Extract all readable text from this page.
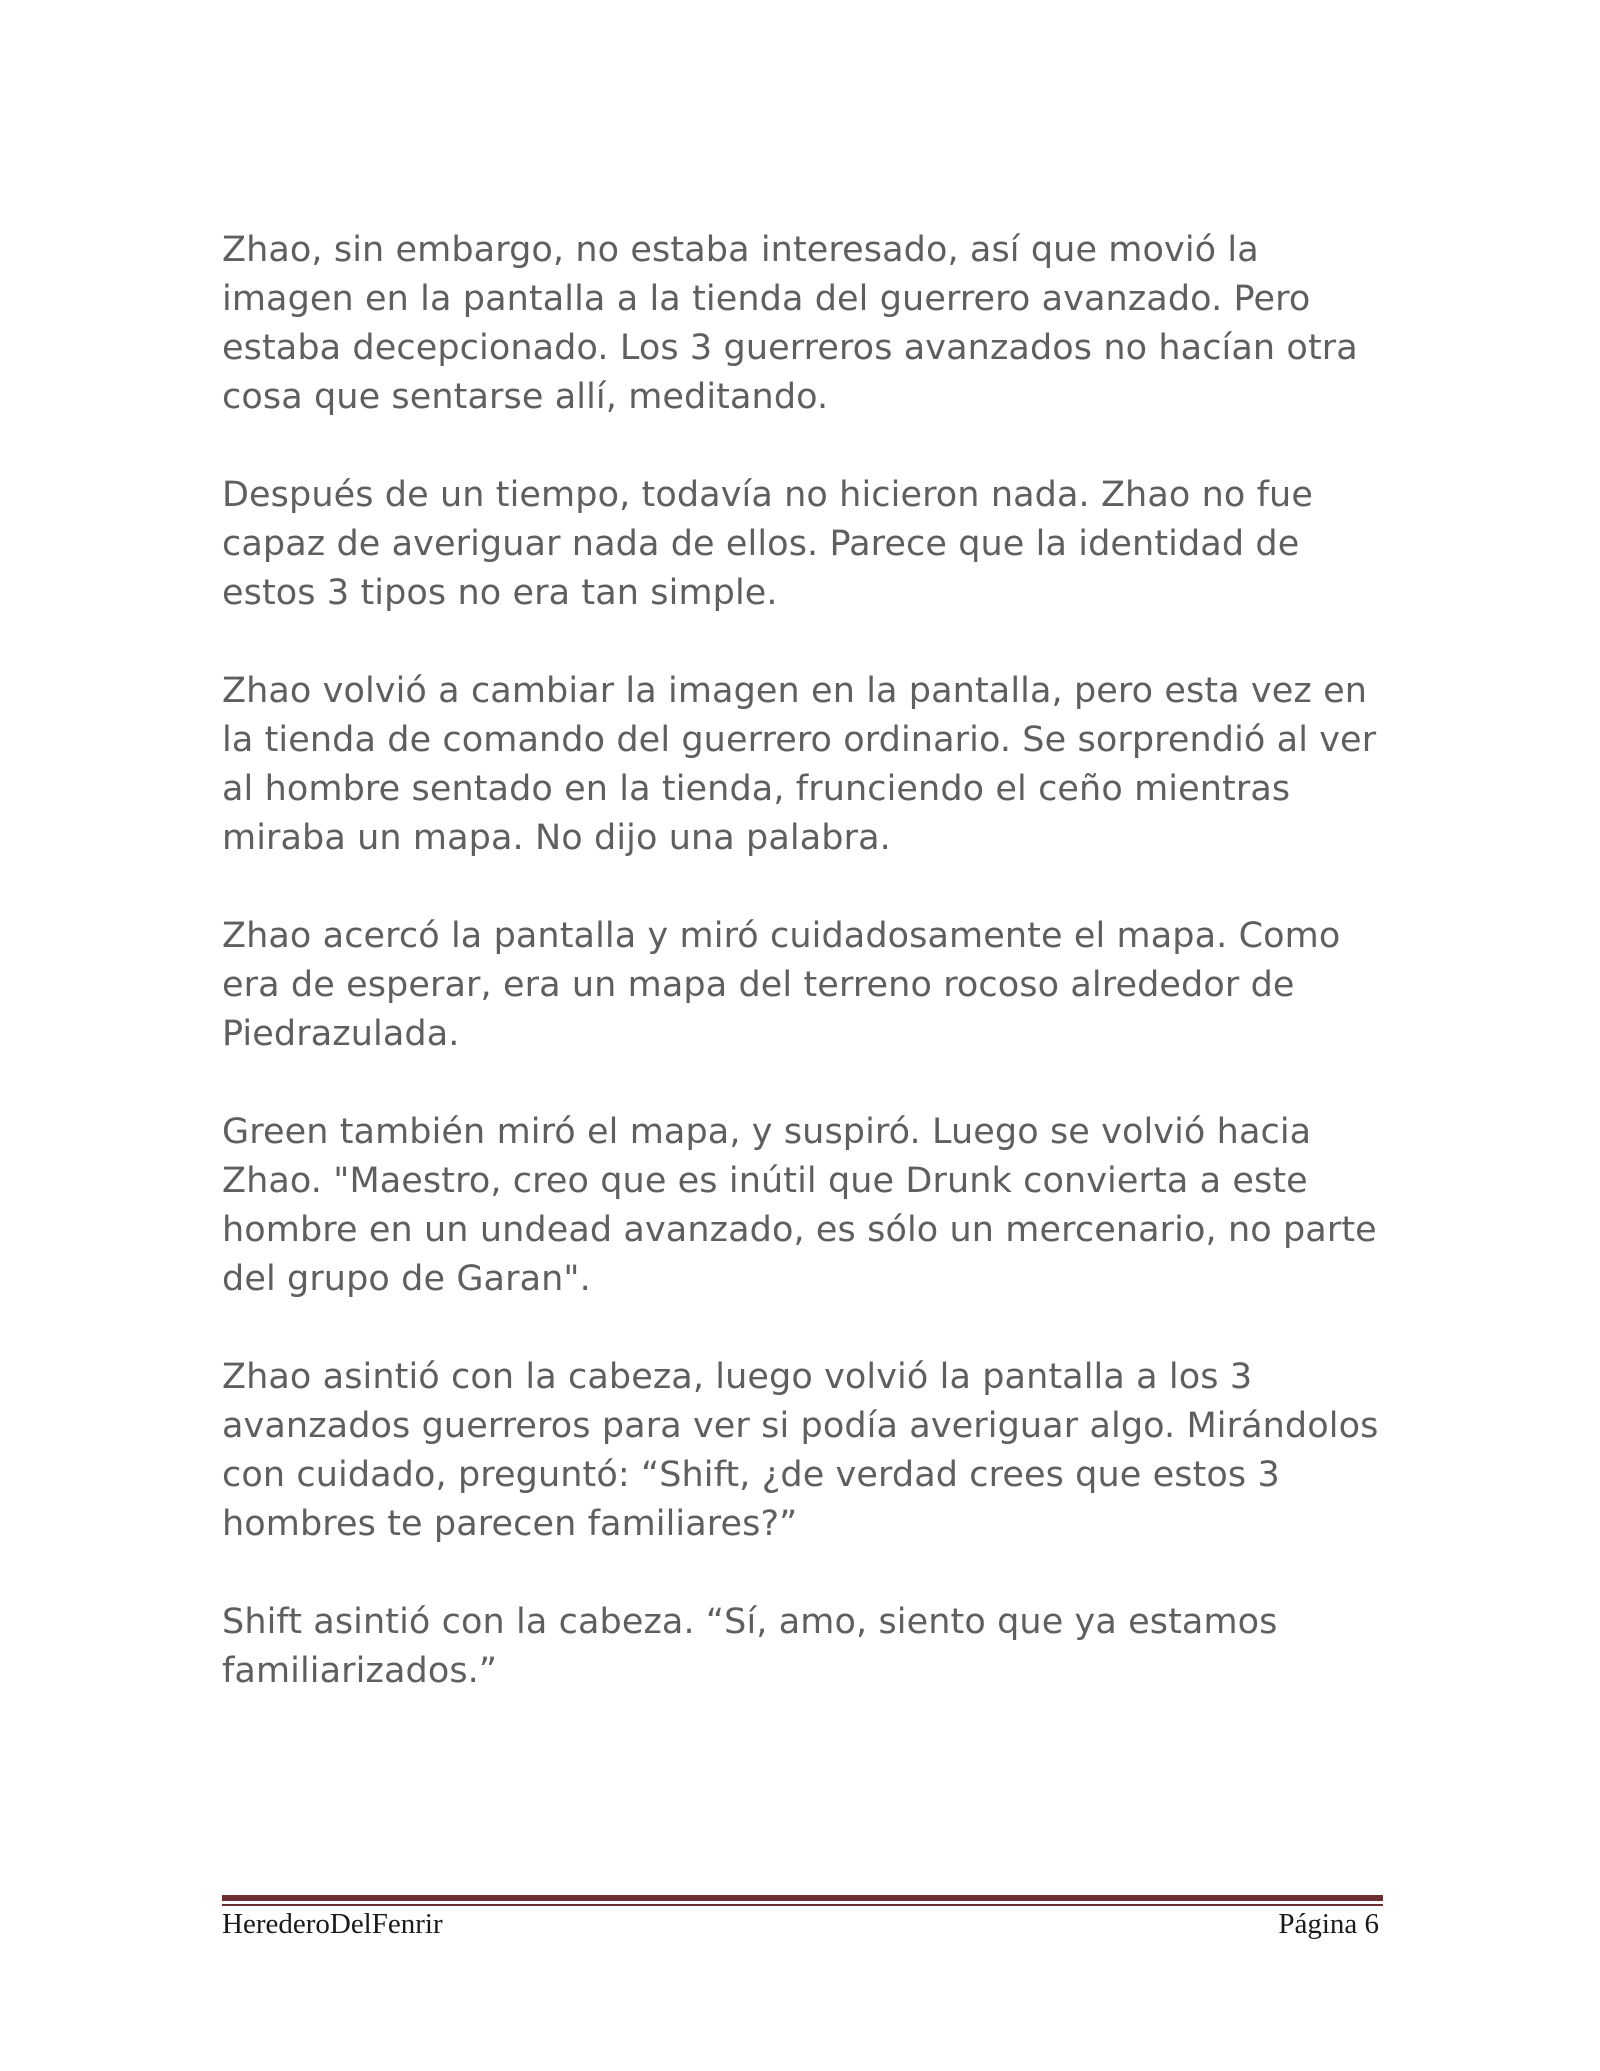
Zhao, sin embargo, no estaba interesado, así que movió la imagen en la pantalla a la tienda del guerrero avanzado. Pero estaba decepcionado. Los 3 guerreros avanzados no hacían otra cosa que sentarse allí, meditando.

Después de un tiempo, todavía no hicieron nada. Zhao no fue capaz de averiguar nada de ellos. Parece que la identidad de estos 3 tipos no era tan simple.

Zhao volvió a cambiar la imagen en la pantalla, pero esta vez en la tienda de comando del guerrero ordinario. Se sorprendió al ver al hombre sentado en la tienda, frunciendo el ceño mientras miraba un mapa. No dijo una palabra.

Zhao acercó la pantalla y miró cuidadosamente el mapa. Como era de esperar, era un mapa del terreno rocoso alrededor de Piedrazulada.

Green también miró el mapa, y suspiró. Luego se volvió hacia Zhao. "Maestro, creo que es inútil que Drunk convierta a este hombre en un undead avanzado, es sólo un mercenario, no parte del grupo de Garan".

Zhao asintió con la cabeza, luego volvió la pantalla a los 3 avanzados guerreros para ver si podía averiguar algo. Mirándolos con cuidado, preguntó: “Shift, ¿de verdad crees que estos 3 hombres te parecen familiares?”

Shift asintió con la cabeza. “Sí, amo, siento que ya estamos familiarizados.”

HerederoDelFenrir	Página 6
